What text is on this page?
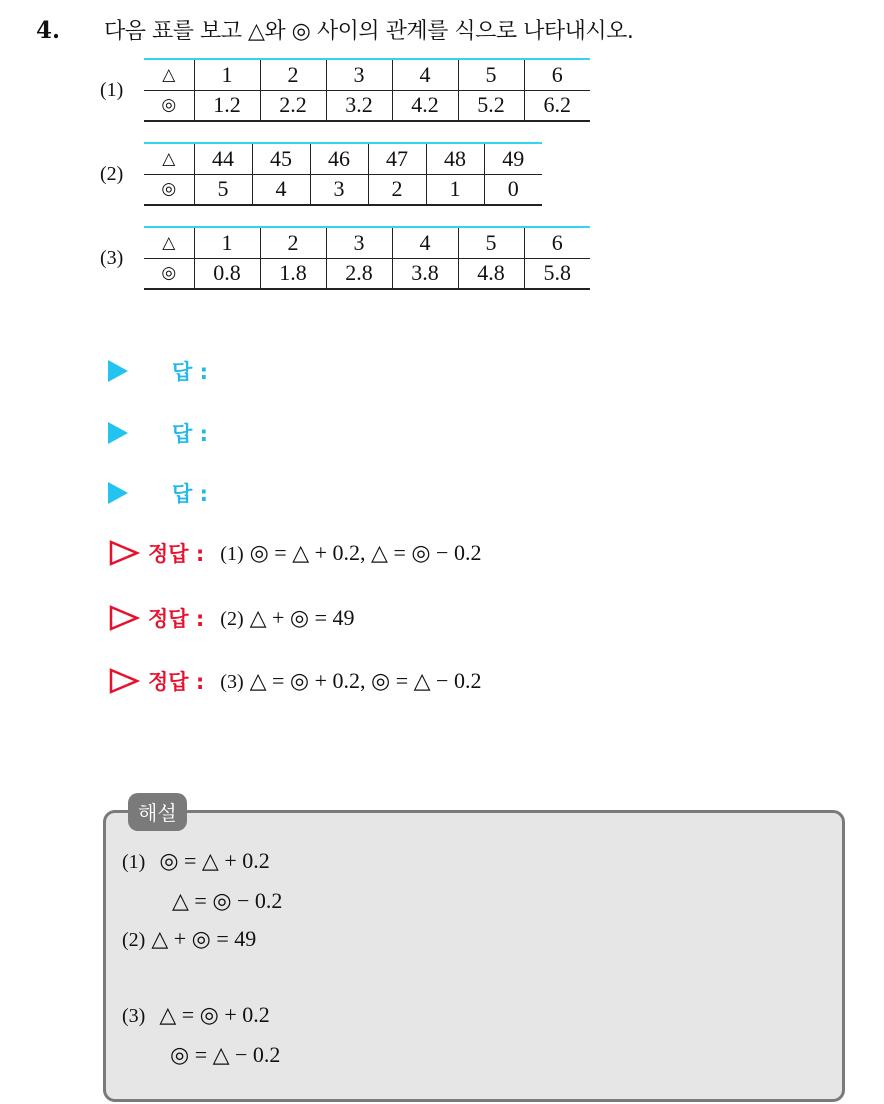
4.	다음 표를 보고 △와 ◎ 사이의 관계를 식으로 나타내시오.
(1)
△	1	2	3	4	5	6
◎	1.2	2.2	3.2	4.2	5.2	6.2
(2)
△	44	45	46	47	48	49
◎	5	4	3	2	1	0
(3)
△	1	2	3	4	5	6
◎	0.8	1.8	2.8	3.8	4.8	5.8
답 :
답 :
답 :
정답 : (1) ◎ = △ + 0.2, △ = ◎ − 0.2
정답 : (2) △ + ◎ = 49
정답 : (3) △ = ◎ + 0.2, ◎ = △ − 0.2
해설
(1) ◎ = △ + 0.2
△ = ◎ − 0.2
(2) △ + ◎ = 49
(3) △ = ◎ + 0.2
◎ = △ − 0.2
